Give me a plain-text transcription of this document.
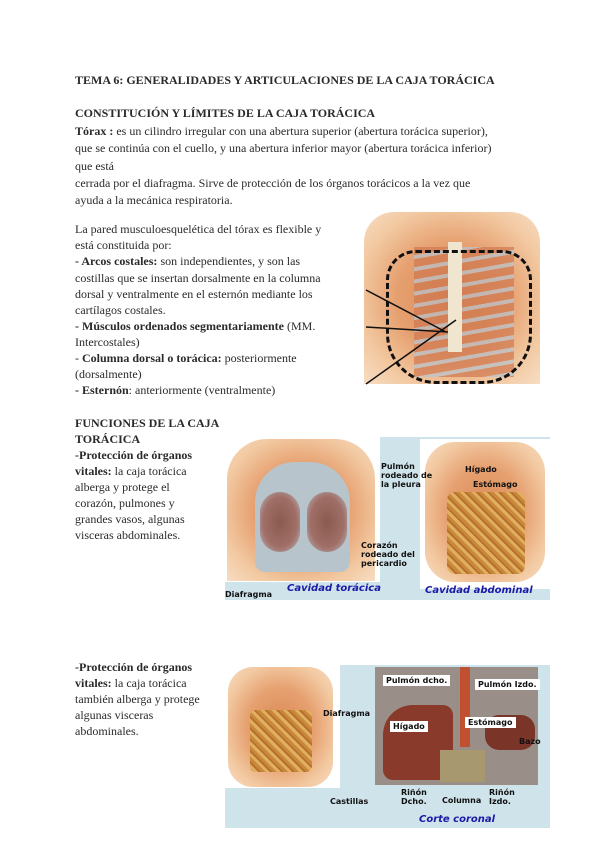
TEMA 6: GENERALIDADES Y ARTICULACIONES DE LA CAJA TORÁCICA
CONSTITUCIÓN Y LÍMITES DE LA CAJA TORÁCICA
Tórax : es un cilindro irregular con una abertura superior (abertura torácica superior),
que se continúa con el cuello, y una abertura inferior mayor (abertura torácica inferior)
que está
cerrada por el diafragma. Sirve de protección de los órganos torácicos a la vez que
ayuda a la mecánica respiratoria.
La pared musculoesquelética del tórax es flexible y
está constituida por:
- Arcos costales: son independientes, y son las
costillas que se insertan dorsalmente en la columna
dorsal y ventralmente en el esternón mediante los
cartílagos costales.
- Músculos ordenados segmentariamente (MM.
Intercostales)
- Columna dorsal o torácica: posteriormente
(dorsalmente)
- Esternón: anteriormente (ventralmente)
FUNCIONES DE LA CAJA
TORÁCICA
-Protección de órganos
vitales: la caja torácica
alberga y protege el
corazón, pulmones y
grandes vasos, algunas
visceras abdominales.
Pulmón
rodeado de
la pleura
Corazón
rodeado del
pericardio
Diafragma
Hígado
Estómago
Cavidad torácica	Cavidad abdominal
-Protección de órganos
vitales: la caja torácica
también alberga y protege
algunas visceras
abdominales.
Pulmón dcho.	Pulmón Izdo.
Diafragma
Hígado	Estómago
Bazo
Castillas
Riñón
Dcho. Columna
Riñón
Izdo.
Corte coronal
